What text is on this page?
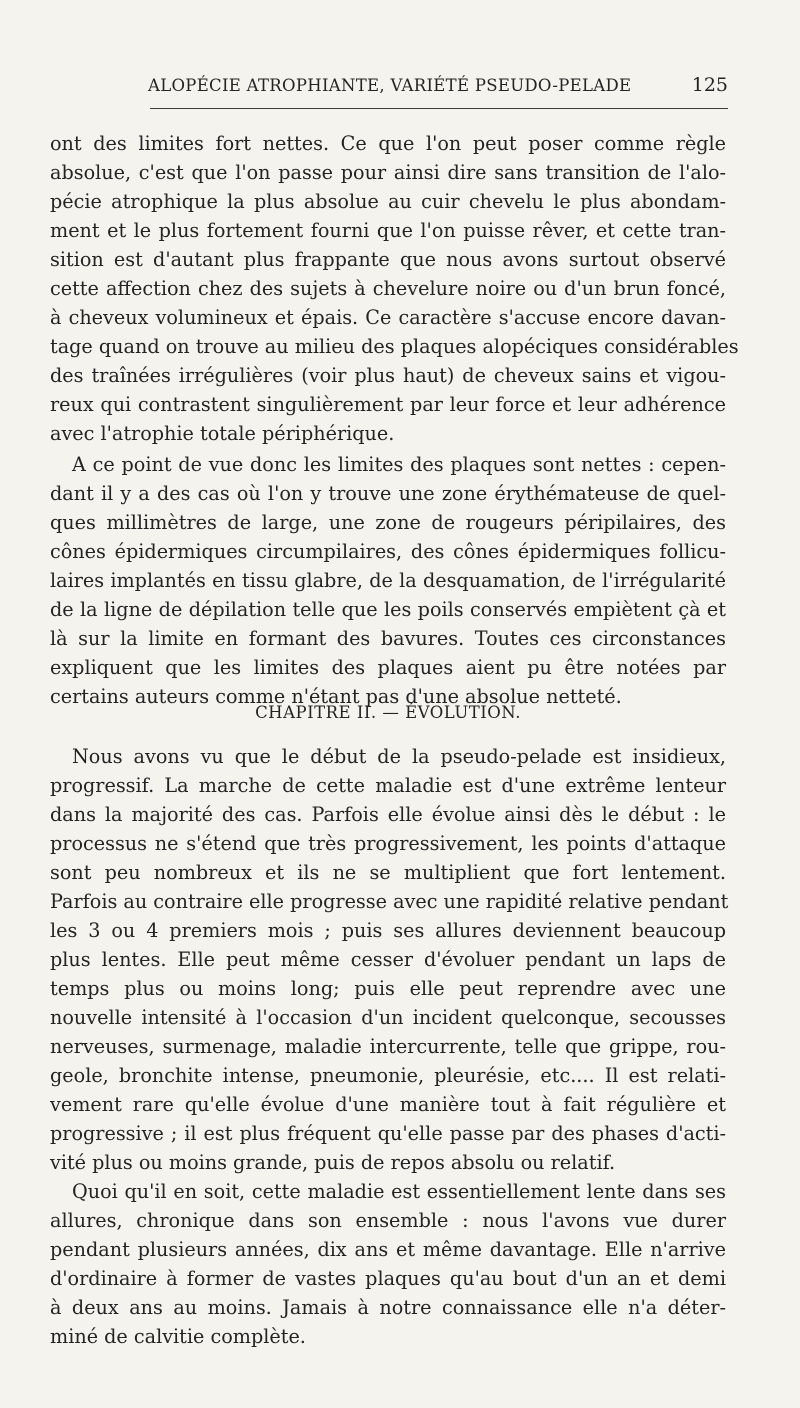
ALOPÉCIE ATROPHIANTE, VARIÉTÉ PSEUDO-PELADE	125
ont des limites fort nettes. Ce que l'on peut poser comme règle
absolue, c'est que l'on passe pour ainsi dire sans transition de l'alo-
pécie atrophique la plus absolue au cuir chevelu le plus abondam-
ment et le plus fortement fourni que l'on puisse rêver, et cette tran-
sition est d'autant plus frappante que nous avons surtout observé
cette affection chez des sujets à chevelure noire ou d'un brun foncé,
à cheveux volumineux et épais. Ce caractère s'accuse encore davan-
tage quand on trouve au milieu des plaques alopéciques considérables
des traînées irrégulières (voir plus haut) de cheveux sains et vigou-
reux qui contrastent singulièrement par leur force et leur adhérence
avec l'atrophie totale périphérique.
A ce point de vue donc les limites des plaques sont nettes : cepen-
dant il y a des cas où l'on y trouve une zone érythémateuse de quel-
ques millimètres de large, une zone de rougeurs péripilaires, des
cônes épidermiques circumpilaires, des cônes épidermiques follicu-
laires implantés en tissu glabre, de la desquamation, de l'irrégularité
de la ligne de dépilation telle que les poils conservés empiètent çà et
là sur la limite en formant des bavures. Toutes ces circonstances
expliquent que les limites des plaques aient pu être notées par
certains auteurs comme n'étant pas d'une absolue netteté.
CHAPITRE II. — ÉVOLUTION.
Nous avons vu que le début de la pseudo-pelade est insidieux,
progressif. La marche de cette maladie est d'une extrême lenteur
dans la majorité des cas. Parfois elle évolue ainsi dès le début : le
processus ne s'étend que très progressivement, les points d'attaque
sont peu nombreux et ils ne se multiplient que fort lentement.
Parfois au contraire elle progresse avec une rapidité relative pendant
les 3 ou 4 premiers mois ; puis ses allures deviennent beaucoup
plus lentes. Elle peut même cesser d'évoluer pendant un laps de
temps plus ou moins long; puis elle peut reprendre avec une
nouvelle intensité à l'occasion d'un incident quelconque, secousses
nerveuses, surmenage, maladie intercurrente, telle que grippe, rou-
geole, bronchite intense, pneumonie, pleurésie, etc.... Il est relati-
vement rare qu'elle évolue d'une manière tout à fait régulière et
progressive ; il est plus fréquent qu'elle passe par des phases d'acti-
vité plus ou moins grande, puis de repos absolu ou relatif.
Quoi qu'il en soit, cette maladie est essentiellement lente dans ses
allures, chronique dans son ensemble : nous l'avons vue durer
pendant plusieurs années, dix ans et même davantage. Elle n'arrive
d'ordinaire à former de vastes plaques qu'au bout d'un an et demi
à deux ans au moins. Jamais à notre connaissance elle n'a déter-
miné de calvitie complète.
